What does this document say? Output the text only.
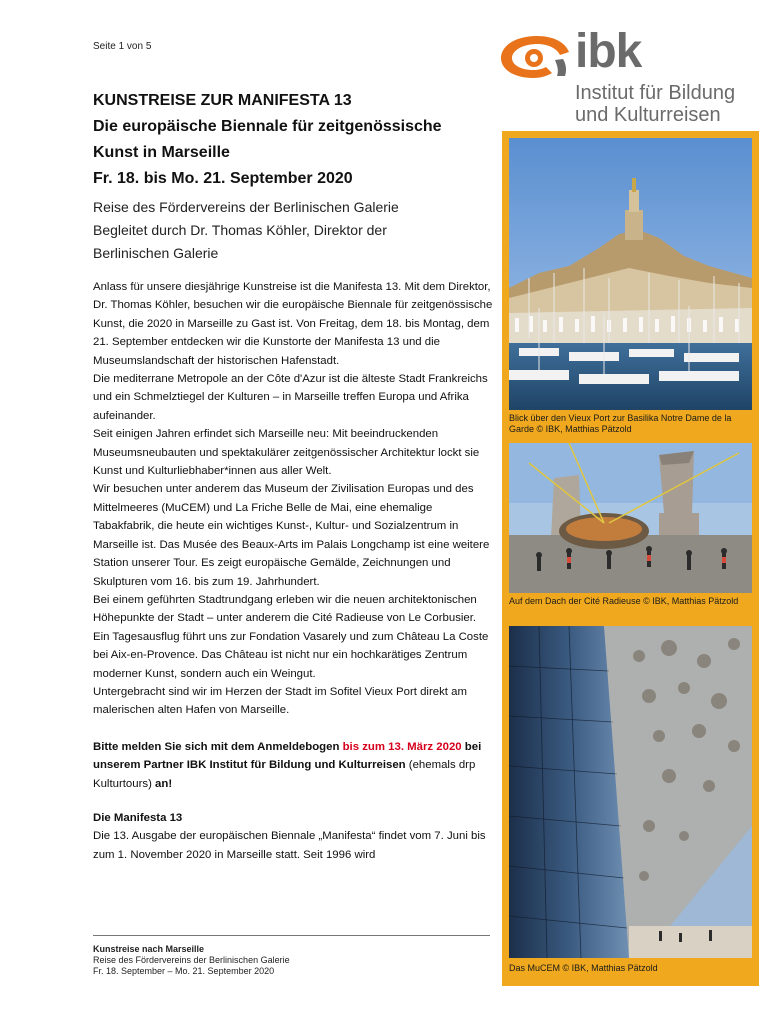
Seite 1 von 5	ibk
Institut für Bildung
und Kulturreisen
KUNSTREISE ZUR MANIFESTA 13
Die europäische Biennale für zeitgenössische
Kunst in Marseille
Fr. 18. bis Mo. 21. September 2020
Reise des Fördervereins der Berlinischen Galerie
Begleitet durch Dr. Thomas Köhler, Direktor der
Berlinischen Galerie

Anlass für unsere diesjährige Kunstreise ist die Manifesta 13. Mit dem Direktor, Dr. Thomas Köhler, besuchen wir die europäische Biennale für zeitgenössische Kunst, die 2020 in Marseille zu Gast ist. Von Freitag, dem 18. bis Montag, dem 21. September entdecken wir die Kunstorte der Manifesta 13 und die Museumslandschaft der historischen Hafenstadt.

Die mediterrane Metropole an der Côte d'Azur ist die älteste Stadt Frankreichs und ein Schmelztiegel der Kulturen – in Marseille treffen Europa und Afrika aufeinander.

Seit einigen Jahren erfindet sich Marseille neu: Mit beeindruckenden Museumsneubauten und spektakulärer zeitgenössischer Architektur lockt sie Kunst und Kulturliebhaber*innen aus aller Welt.

Wir besuchen unter anderem das Museum der Zivilisation Europas und des Mittelmeeres (MuCEM) und La Friche Belle de Mai, eine ehemalige Tabakfabrik, die heute ein wichtiges Kunst-, Kultur- und Sozialzentrum in Marseille ist. Das Musée des Beaux-Arts im Palais Longchamp ist eine weitere Station unserer Tour. Es zeigt europäische Gemälde, Zeichnungen und Skulpturen vom 16. bis zum 19. Jahrhundert.

Bei einem geführten Stadtrundgang erleben wir die neuen architektonischen Höhepunkte der Stadt – unter anderem die Cité Radieuse von Le Corbusier. Ein Tagesausflug führt uns zur Fondation Vasarely und zum Château La Coste bei Aix-en-Provence. Das Château ist nicht nur ein hochkarätiges Zentrum moderner Kunst, sondern auch ein Weingut.

Untergebracht sind wir im Herzen der Stadt im Sofitel Vieux Port direkt am malerischen alten Hafen von Marseille.

Bitte melden Sie sich mit dem Anmeldebogen bis zum 13. März 2020 bei unserem Partner IBK Institut für Bildung und Kulturreisen (ehemals drp Kulturtours) an!
Die Manifesta 13
Die 13. Ausgabe der europäischen Biennale „Manifesta“ findet vom 7. Juni bis zum 1. November 2020 in Marseille statt. Seit 1996 wird
Kunstreise nach Marseille
Reise des Fördervereins der Berlinischen Galerie
Fr. 18. September – Mo. 21. September 2020
Blick über den Vieux Port zur Basilika Notre Dame de la Garde © IBK, Matthias Pätzold
Auf dem Dach der Cité Radieuse © IBK, Matthias Pätzold
Das MuCEM © IBK, Matthias Pätzold
